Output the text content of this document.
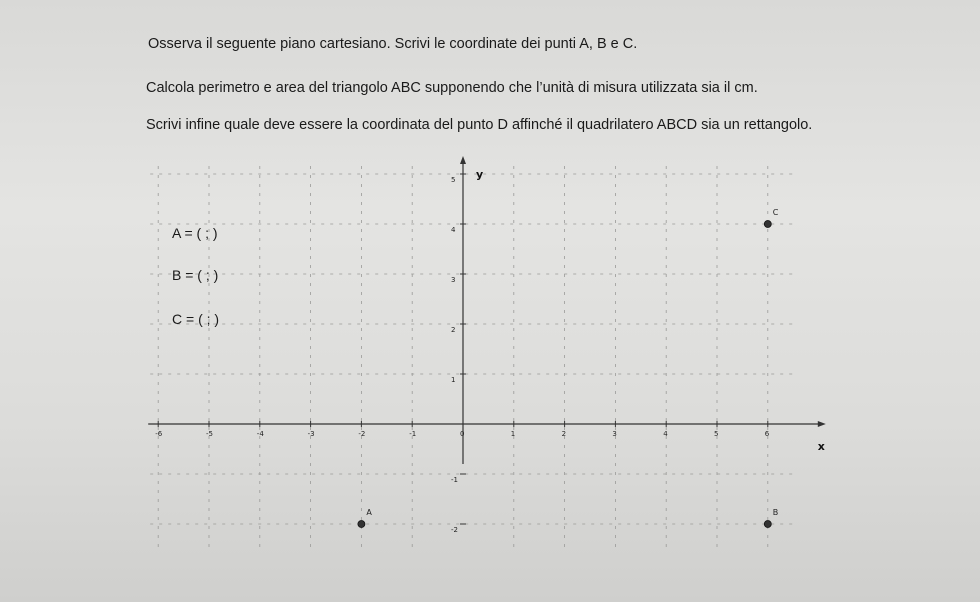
Osserva il seguente piano cartesiano. Scrivi le coordinate dei punti A, B e C.

Calcola perimetro e area del triangolo ABC supponendo che l’unità di misura utilizzata sia il cm.

Scrivi infine quale deve essere la coordinata del punto D affinché il quadrilatero ABCD sia un rettangolo.

x
y
-6	-5	-4	-3	-2	-1	0	1	2	3	4	5	6
-2
-1
1
2
3
4
5
A	B
C
A = ( ; )
B = ( ; )
C = ( ; )
